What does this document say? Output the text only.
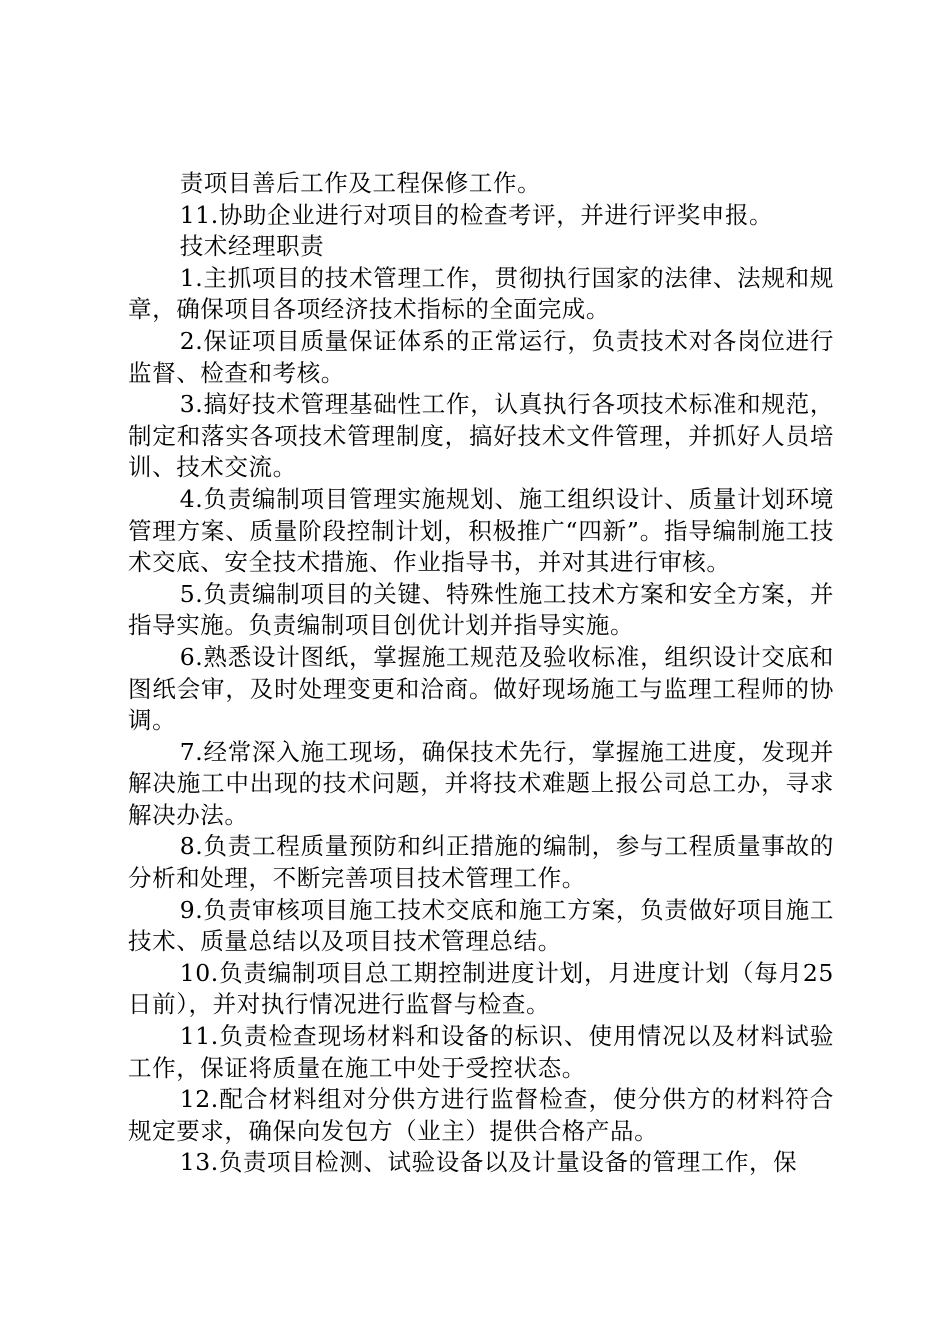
责项目善后工作及工程保修工作。

11.协助企业进行对项目的检查考评，并进行评奖申报。

技术经理职责

1.主抓项目的技术管理工作，贯彻执行国家的法律、法规和规章，确保项目各项经济技术指标的全面完成。

2.保证项目质量保证体系的正常运行，负责技术对各岗位进行监督、检查和考核。

3.搞好技术管理基础性工作，认真执行各项技术标准和规范，制定和落实各项技术管理制度，搞好技术文件管理，并抓好人员培训、技术交流。

4.负责编制项目管理实施规划、施工组织设计、质量计划环境管理方案、质量阶段控制计划，积极推广“四新”。指导编制施工技术交底、安全技术措施、作业指导书，并对其进行审核。

5.负责编制项目的关键、特殊性施工技术方案和安全方案，并指导实施。负责编制项目创优计划并指导实施。

6.熟悉设计图纸，掌握施工规范及验收标准，组织设计交底和图纸会审，及时处理变更和洽商。做好现场施工与监理工程师的协调。

7.经常深入施工现场，确保技术先行，掌握施工进度，发现并解决施工中出现的技术问题，并将技术难题上报公司总工办，寻求解决办法。

8.负责工程质量预防和纠正措施的编制，参与工程质量事故的分析和处理，不断完善项目技术管理工作。

9.负责审核项目施工技术交底和施工方案，负责做好项目施工技术、质量总结以及项目技术管理总结。

10.负责编制项目总工期控制进度计划，月进度计划（每月25日前），并对执行情况进行监督与检查。

11.负责检查现场材料和设备的标识、使用情况以及材料试验工作，保证将质量在施工中处于受控状态。

12.配合材料组对分供方进行监督检查，使分供方的材料符合规定要求，确保向发包方（业主）提供合格产品。

13.负责项目检测、试验设备以及计量设备的管理工作，保
